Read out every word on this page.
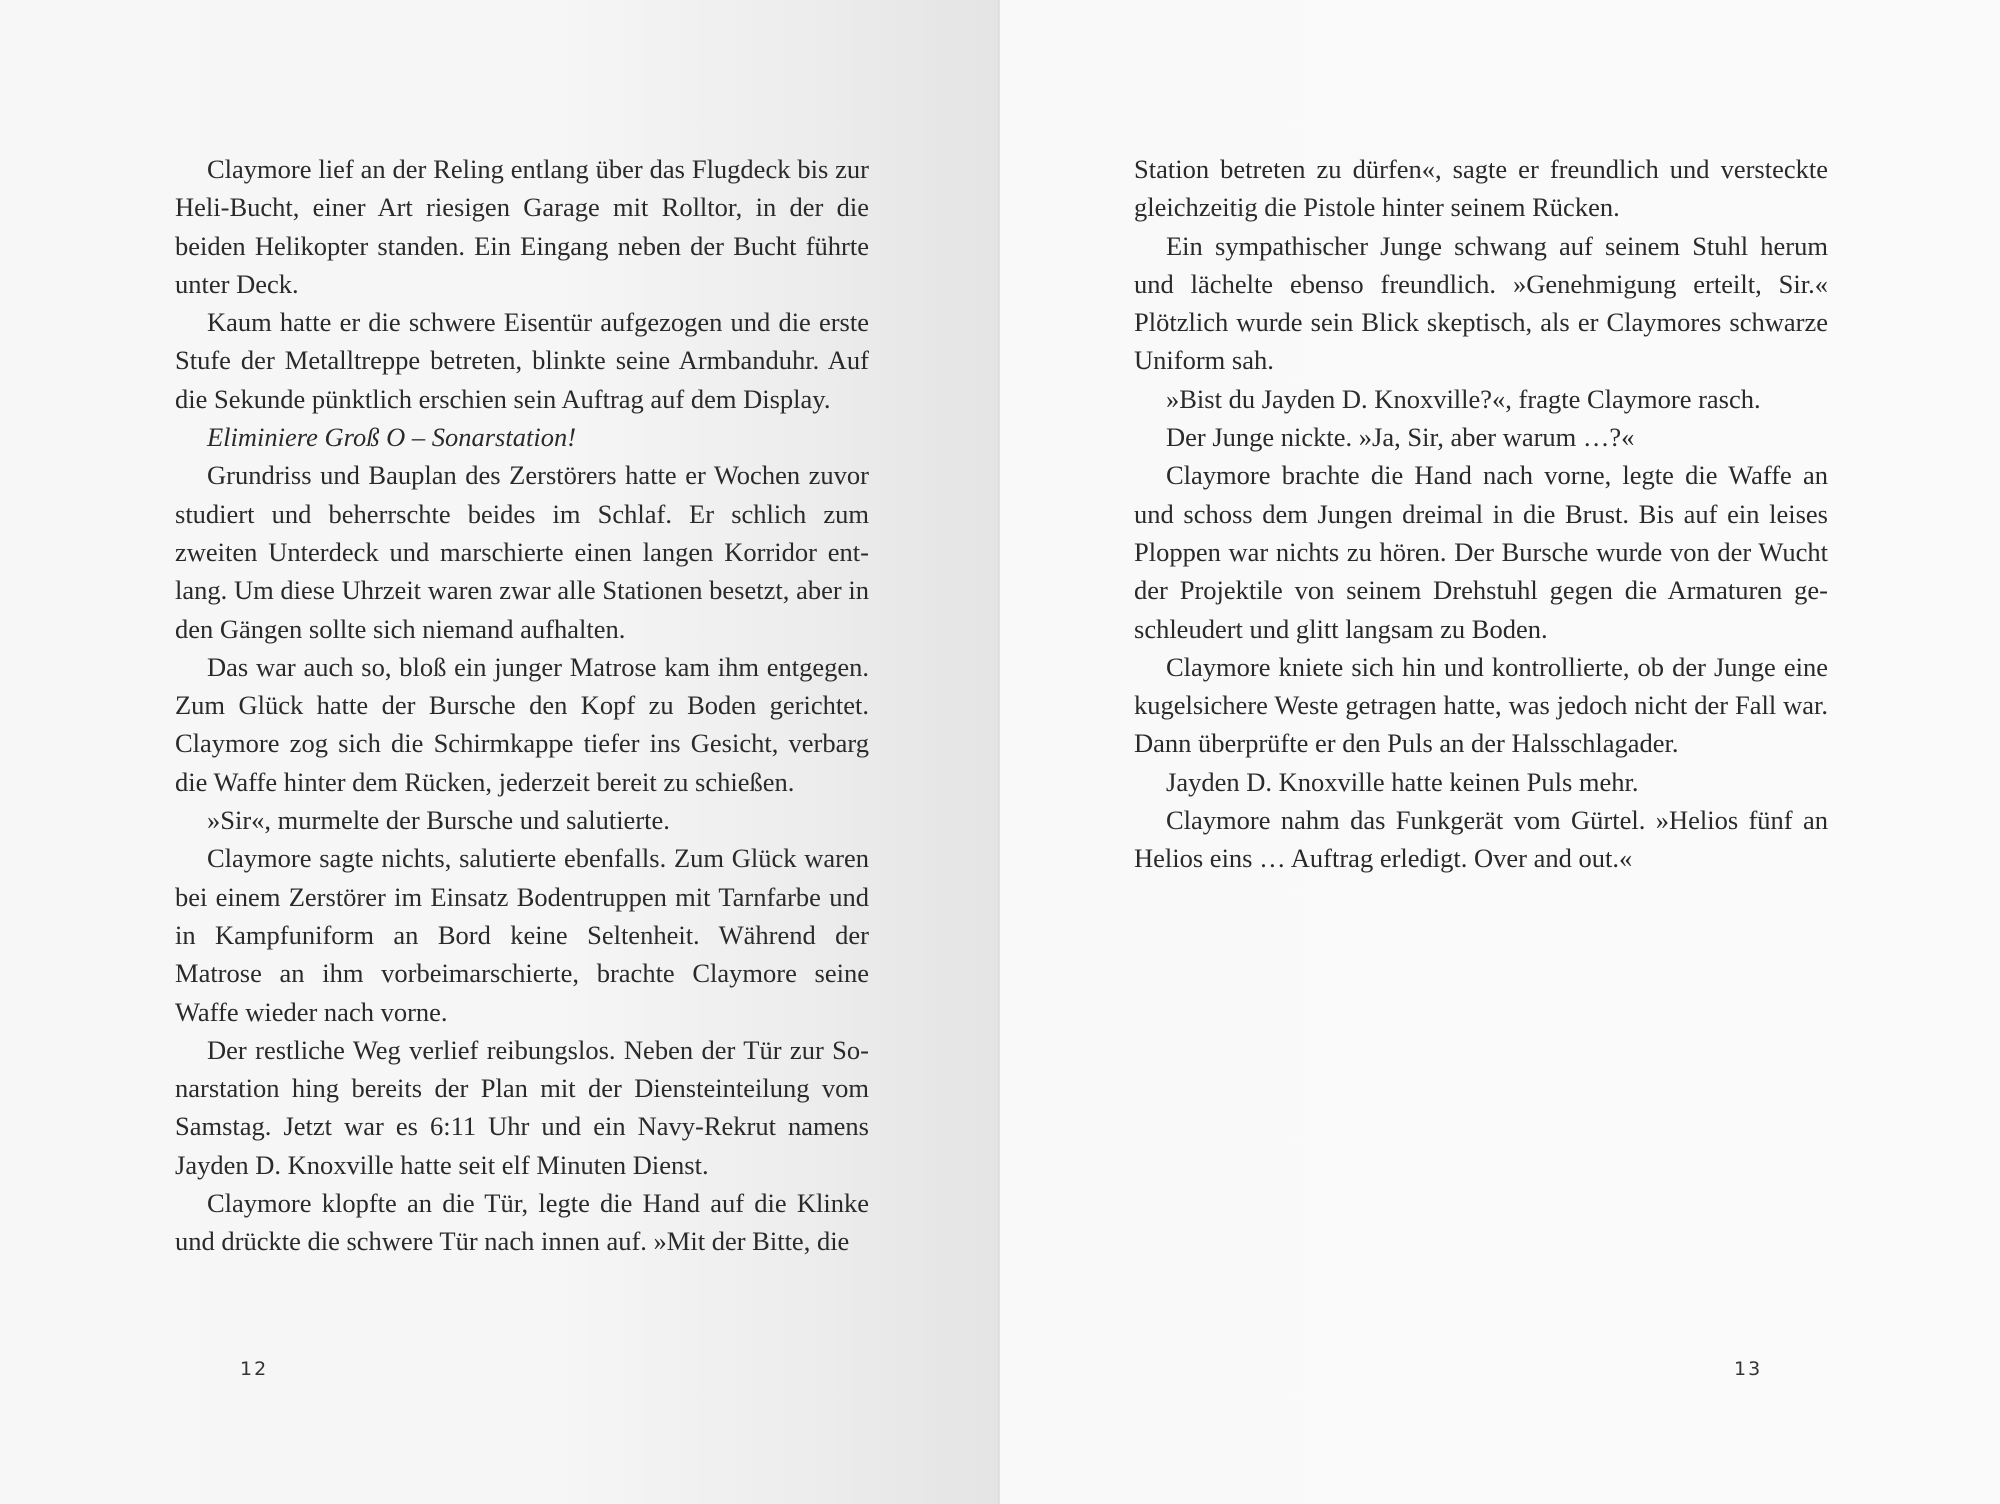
Claymore lief an der Reling entlang über das Flugdeck bis zur Heli-Bucht, einer Art riesigen Garage mit Rolltor, in der die beiden Helikopter standen. Ein Eingang neben der Bucht führte unter Deck.

Kaum hatte er die schwere Eisentür aufgezogen und die erste Stufe der Metalltreppe betreten, blinkte seine Armbanduhr. Auf die Sekunde pünktlich erschien sein Auftrag auf dem Display.

Eliminiere Groß O – Sonarstation!

Grundriss und Bauplan des Zerstörers hatte er Wochen zuvor studiert und beherrschte beides im Schlaf. Er schlich zum zweiten Unterdeck und marschierte einen langen Korridor entlang. Um diese Uhrzeit waren zwar alle Stationen besetzt, aber in den Gängen sollte sich niemand aufhalten.

Das war auch so, bloß ein junger Matrose kam ihm entgegen. Zum Glück hatte der Bursche den Kopf zu Boden gerichtet. Claymore zog sich die Schirmkappe tiefer ins Gesicht, verbarg die Waffe hinter dem Rücken, jederzeit bereit zu schießen.

»Sir«, murmelte der Bursche und salutierte.

Claymore sagte nichts, salutierte ebenfalls. Zum Glück waren bei einem Zerstörer im Einsatz Bodentruppen mit Tarnfarbe und in Kampfuniform an Bord keine Seltenheit. Während der Matrose an ihm vorbeimarschierte, brachte Claymore seine Waffe wieder nach vorne.

Der restliche Weg verlief reibungslos. Neben der Tür zur Sonarstation hing bereits der Plan mit der Diensteinteilung vom Samstag. Jetzt war es 6:11 Uhr und ein Navy-Rekrut namens Jayden D. Knoxville hatte seit elf Minuten Dienst.

Claymore klopfte an die Tür, legte die Hand auf die Klinke und drückte die schwere Tür nach innen auf. »Mit der Bitte, die

12

Station betreten zu dürfen«, sagte er freundlich und versteckte gleichzeitig die Pistole hinter seinem Rücken.

Ein sympathischer Junge schwang auf seinem Stuhl herum und lächelte ebenso freundlich. »Genehmigung erteilt, Sir.« Plötzlich wurde sein Blick skeptisch, als er Claymores schwarze Uniform sah.

»Bist du Jayden D. Knoxville?«, fragte Claymore rasch.

Der Junge nickte. »Ja, Sir, aber warum …?«

Claymore brachte die Hand nach vorne, legte die Waffe an und schoss dem Jungen dreimal in die Brust. Bis auf ein leises Ploppen war nichts zu hören. Der Bursche wurde von der Wucht der Projektile von seinem Drehstuhl gegen die Armaturen geschleudert und glitt langsam zu Boden.

Claymore kniete sich hin und kontrollierte, ob der Junge eine kugelsichere Weste getragen hatte, was jedoch nicht der Fall war. Dann überprüfte er den Puls an der Halsschlagader.

Jayden D. Knoxville hatte keinen Puls mehr.

Claymore nahm das Funkgerät vom Gürtel. »Helios fünf an Helios eins … Auftrag erledigt. Over and out.«

13
